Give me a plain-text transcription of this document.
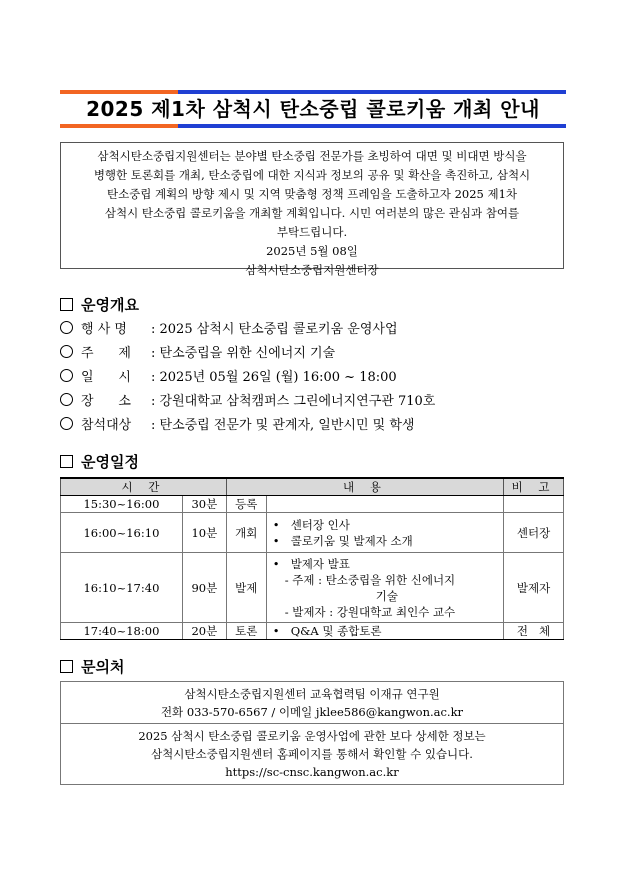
2025 제1차 삼척시 탄소중립 콜로키움 개최 안내

삼척시탄소중립지원센터는 분야별 탄소중립 전문가를 초빙하여 대면 및 비대면 방식을

병행한 토론회를 개최, 탄소중립에 대한 지식과 정보의 공유 및 확산을 촉진하고, 삼척시

탄소중립 계획의 방향 제시 및 지역 맞춤형 정책 프레임을 도출하고자 2025 제1차

삼척시 탄소중립 콜로키움을 개최할 계획입니다. 시민 여러분의 많은 관심과 참여를

부탁드립니다.

2025년 5월 08일

삼척시탄소중립지원센터장

운영개요
행 사 명 : 2025 삼척시 탄소중립 콜로키움 운영사업
주      제 : 탄소중립을 위한 신에너지 기술
일      시 : 2025년 05월 26일 (월) 16:00 ~ 18:00
장      소 : 강원대학교 삼척캠퍼스 그린에너지연구관 710호
참석대상 : 탄소중립 전문가 및 관계자, 일반시민 및 학생
운영일정
시 간		내 용		비 고
15:30~16:00	30분	등록		
16:00~16:10	10분	개회	• 센터장 인사
• 콜로키움 및 발제자 소개	센터장
16:10~17:40	90분	발제	• 발제자 발표
- 주제 : 탄소중립을 위한 신에너지
기술
- 발제자 : 강원대학교 최인수 교수	발제자
17:40~18:00	20분	토론	• Q&A 및 종합토론	전   체
문의처

삼척시탄소중립지원센터 교육협력팀 이재규 연구원

전화 033-570-6567 / 이메일 jklee586@kangwon.ac.kr

2025 삼척시 탄소중립 콜로키움 운영사업에 관한 보다 상세한 정보는

삼척시탄소중립지원센터 홈페이지를 통해서 확인할 수 있습니다.

https://sc-cnsc.kangwon.ac.kr
